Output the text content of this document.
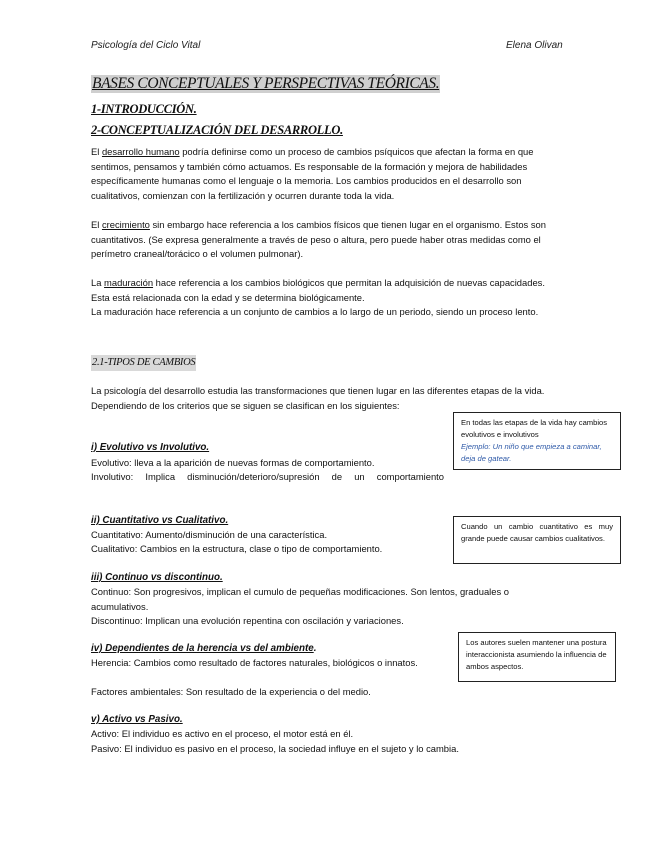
Psicología del Ciclo Vital	Elena Olivan
BASES CONCEPTUALES Y PERSPECTIVAS TEÓRICAS.
1-INTRODUCCIÓN.
2-CONCEPTUALIZACIÓN DEL DESARROLLO.
El desarrollo humano podría definirse como un proceso de cambios psíquicos que afectan la forma en que sentimos, pensamos y también cómo actuamos. Es responsable de la formación y mejora de habilidades específicamente humanas como el lenguaje o la memoria. Los cambios producidos en el desarrollo son cualitativos, comienzan con la fertilización y ocurren durante toda la vida.
El crecimiento sin embargo hace referencia a los cambios físicos que tienen lugar en el organismo. Estos son cuantitativos. (Se expresa generalmente a través de peso o altura, pero puede haber otras medidas como el perímetro craneal/torácico o el volumen pulmonar).
La maduración hace referencia a los cambios biológicos que permitan la adquisición de nuevas capacidades. Esta está relacionada con la edad y se determina biológicamente.
La maduración hace referencia a un conjunto de cambios a lo largo de un periodo, siendo un proceso lento.
2.1-TIPOS DE CAMBIOS
La psicología del desarrollo estudia las transformaciones que tienen lugar en las diferentes etapas de la vida. Dependiendo de los criterios que se siguen se clasifican en los siguientes:
i) Evolutivo vs Involutivo.
Evolutivo: lleva a la aparición de nuevas formas de comportamiento.
Involutivo: Implica disminución/deterioro/supresión de un comportamiento
ii) Cuantitativo vs Cualitativo.
Cuantitativo: Aumento/disminución de una característica.
Cualitativo: Cambios en la estructura, clase o tipo de comportamiento.
iii) Continuo vs discontinuo.
Continuo: Son progresivos, implican el cumulo de pequeñas modificaciones. Son lentos, graduales o acumulativos.
Discontinuo: Implican una evolución repentina con oscilación y variaciones.
iv) Dependientes de la herencia vs del ambiente.
Herencia: Cambios como resultado de factores naturales, biológicos o innatos.
Factores ambientales: Son resultado de la experiencia o del medio.
v) Activo vs Pasivo.
Activo: El individuo es activo en el proceso, el motor está en él.
Pasivo: El individuo es pasivo en el proceso, la sociedad influye en el sujeto y lo cambia.
En todas las etapas de la vida hay cambios evolutivos e involutivos
Ejemplo: Un niño que empieza a caminar, deja de gatear.
Cuando un cambio cuantitativo es muy grande puede causar cambios cualitativos.
Los autores suelen mantener una postura interaccionista asumiendo la influencia de ambos aspectos.
